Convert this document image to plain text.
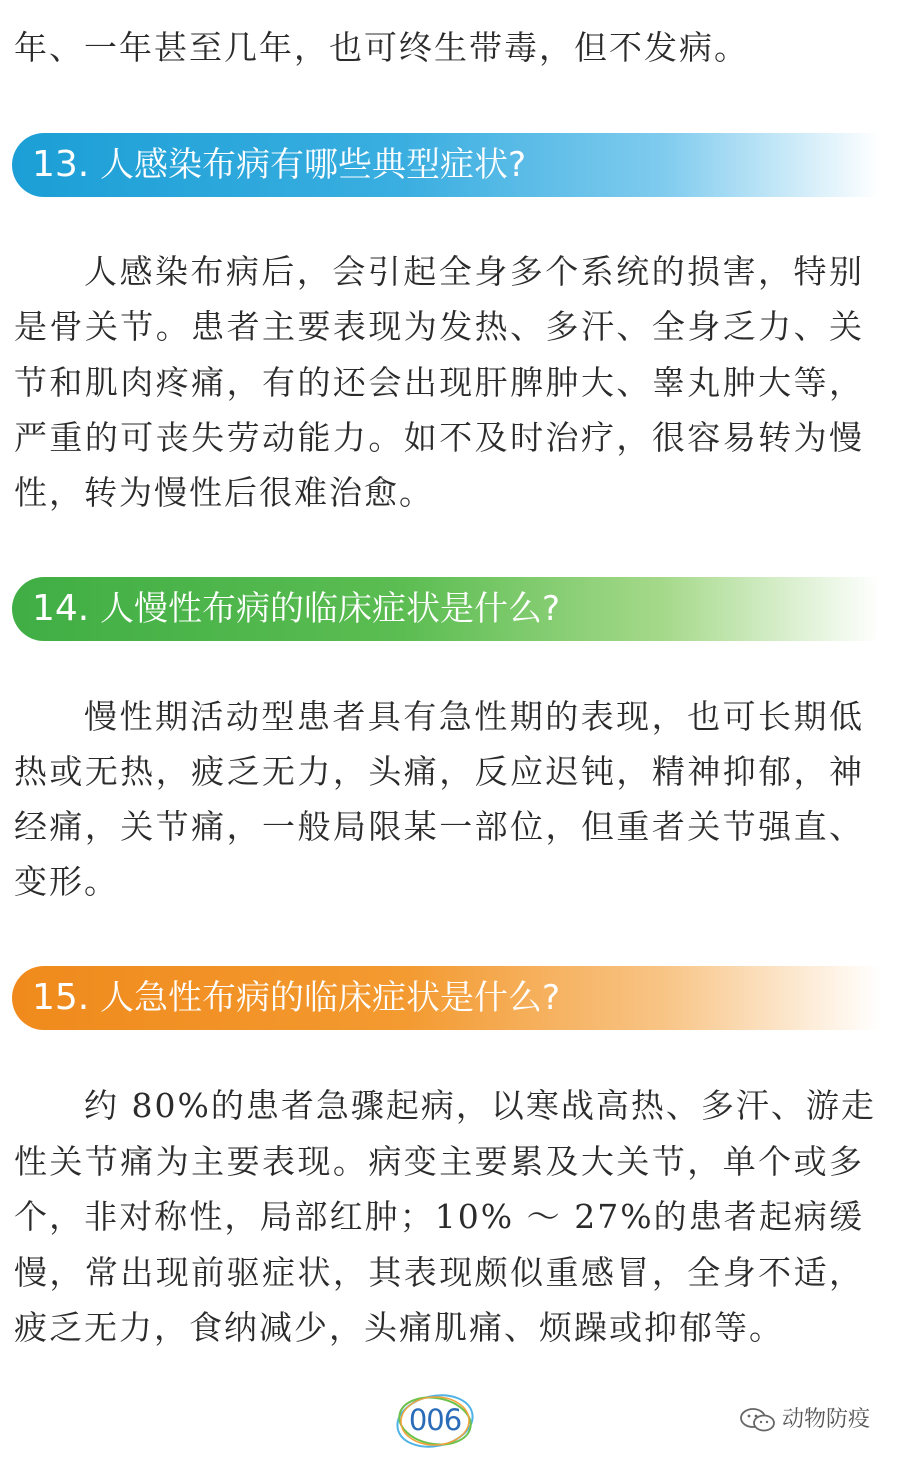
年、一年甚至几年，也可终生带毒，但不发病。
13. 人感染布病有哪些典型症状?
人感染布病后，会引起全身多个系统的损害，特别
是骨关节。患者主要表现为发热、多汗、全身乏力、关
节和肌肉疼痛，有的还会出现肝脾肿大、睾丸肿大等，
严重的可丧失劳动能力。如不及时治疗，很容易转为慢
性，转为慢性后很难治愈。
14. 人慢性布病的临床症状是什么?
慢性期活动型患者具有急性期的表现，也可长期低
热或无热，疲乏无力，头痛，反应迟钝，精神抑郁，神
经痛，关节痛，一般局限某一部位，但重者关节强直、
变形。
15. 人急性布病的临床症状是什么?
约 80%的患者急骤起病，以寒战高热、多汗、游走
性关节痛为主要表现。病变主要累及大关节，单个或多
个，非对称性，局部红肿；10% ～ 27%的患者起病缓
慢，常出现前驱症状，其表现颇似重感冒，全身不适，
疲乏无力，食纳减少，头痛肌痛、烦躁或抑郁等。
006	动物防疫
